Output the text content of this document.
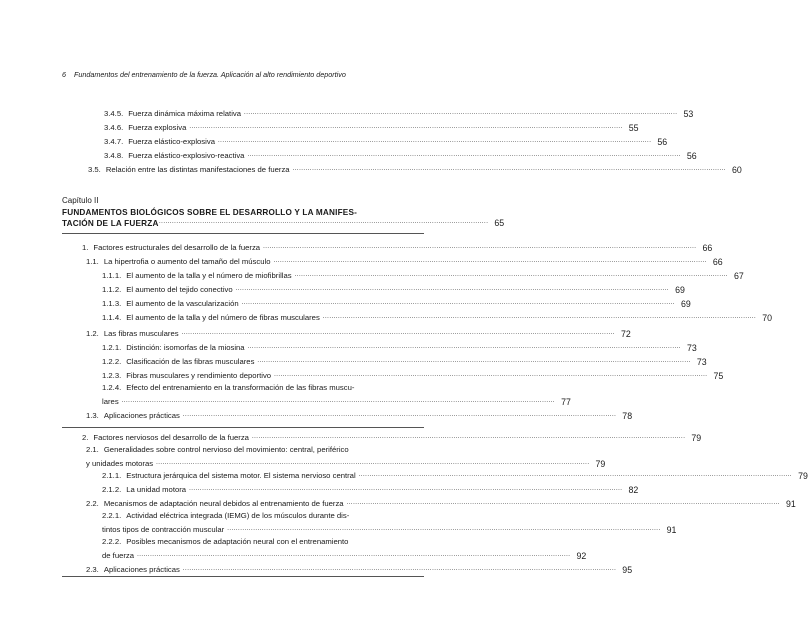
6 Fundamentos del entrenamiento de la fuerza. Aplicación al alto rendimiento deportivo
3.4.5. Fuerza dinámica máxima relativa ........................................................................................................................................................................................................ 53
3.4.6. Fuerza explosiva ........................................................................................................................................................................................................ 55
3.4.7. Fuerza elástico-explosiva ........................................................................................................................................................................................................ 56
3.4.8. Fuerza elástico-explosivo-reactiva ........................................................................................................................................................................................................ 56
3.5. Relación entre las distintas manifestaciones de fuerza ........................................................................................................................................................................................................ 60
Capítulo II
FUNDAMENTOS BIOLÓGICOS SOBRE EL DESARROLLO Y LA MANIFES-
TACIÓN DE LA FUERZA ........................................................................................................................................................ 65
1. Factores estructurales del desarrollo de la fuerza ........................................................................................................................................................................................................ 66
1.1. La hipertrofia o aumento del tamaño del músculo ........................................................................................................................................................................................................ 66
1.1.1. El aumento de la talla y el número de miofibrillas ........................................................................................................................................................................................................ 67
1.1.2. El aumento del tejido conectivo ........................................................................................................................................................................................................ 69
1.1.3. El aumento de la vascularización ........................................................................................................................................................................................................ 69
1.1.4. El aumento de la talla y del número de fibras musculares ........................................................................................................................................................................................................ 70
1.2. Las fibras musculares ........................................................................................................................................................................................................ 72
1.2.1. Distinción: isomorfas de la miosina ........................................................................................................................................................................................................ 73
1.2.2. Clasificación de las fibras musculares ........................................................................................................................................................................................................ 73
1.2.3. Fibras musculares y rendimiento deportivo ........................................................................................................................................................................................................ 75
1.2.4. Efecto del entrenamiento en la transformación de las fibras muscu-
lares ........................................................................................................................................................................................................ 77
1.3. Aplicaciones prácticas ........................................................................................................................................................................................................ 78
2. Factores nerviosos del desarrollo de la fuerza ........................................................................................................................................................................................................ 79
2.1. Generalidades sobre control nervioso del movimiento: central, periférico
y unidades motoras ........................................................................................................................................................................................................ 79
2.1.1. Estructura jerárquica del sistema motor. El sistema nervioso central ........................................................................................................................................................................................................ 79
2.1.2. La unidad motora ........................................................................................................................................................................................................ 82
2.2. Mecanismos de adaptación neural debidos al entrenamiento de fuerza ........................................................................................................................................................................................................ 91
2.2.1. Actividad eléctrica integrada (IEMG) de los músculos durante dis-
tintos tipos de contracción muscular ........................................................................................................................................................................................................ 91
2.2.2. Posibles mecanismos de adaptación neural con el entrenamiento
de fuerza ........................................................................................................................................................................................................ 92
2.3. Aplicaciones prácticas ........................................................................................................................................................................................................ 95
